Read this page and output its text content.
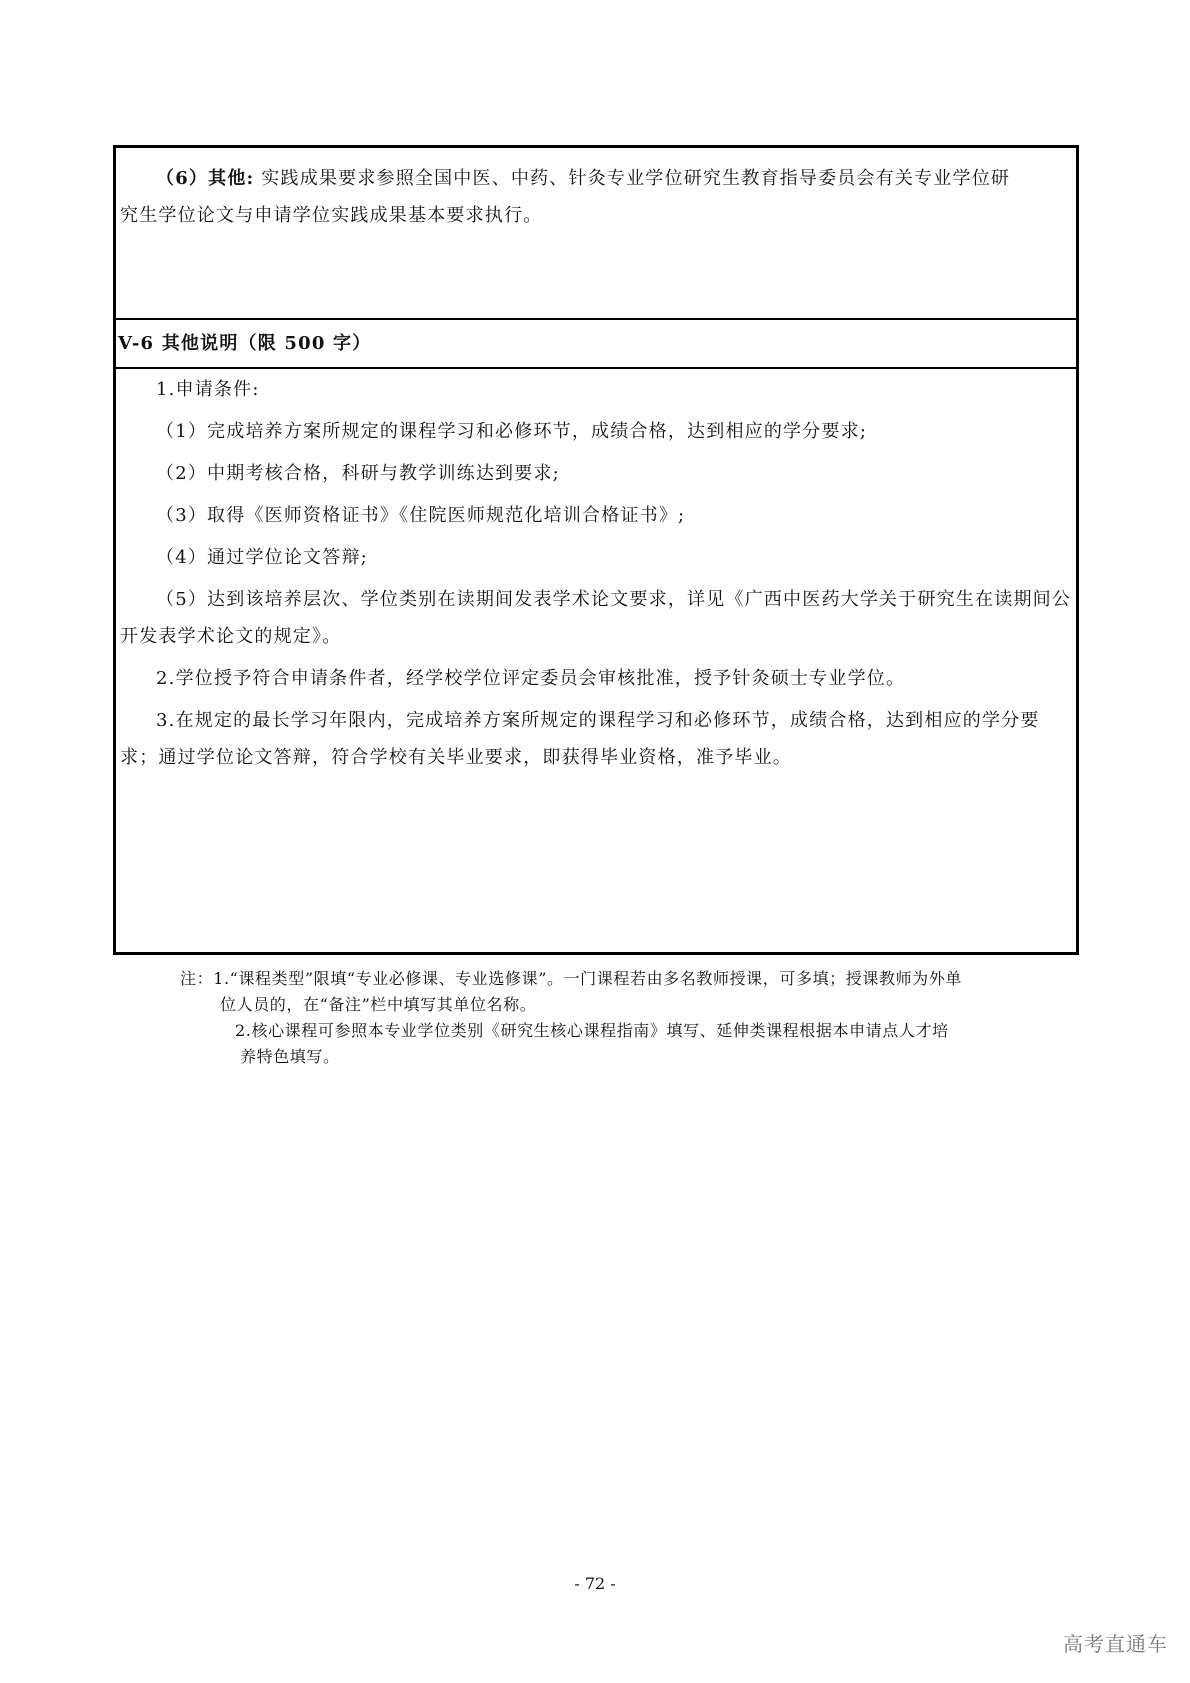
（6）其他: 实践成果要求参照全国中医、中药、针灸专业学位研究生教育指导委员会有关专业学位研

究生学位论文与申请学位实践成果基本要求执行。

V-6 其他说明（限 500 字）

1.申请条件:

（1）完成培养方案所规定的课程学习和必修环节，成绩合格，达到相应的学分要求;

（2）中期考核合格，科研与教学训练达到要求;

（3）取得《医师资格证书》《住院医师规范化培训合格证书》;

（4）通过学位论文答辩;

（5）达到该培养层次、学位类别在读期间发表学术论文要求，详见《广西中医药大学关于研究生在读期间公开发表学术论文的规定》。

2.学位授予符合申请条件者，经学校学位评定委员会审核批准，授予针灸硕士专业学位。

3.在规定的最长学习年限内，完成培养方案所规定的课程学习和必修环节，成绩合格，达到相应的学分要求；通过学位论文答辩，符合学校有关毕业要求，即获得毕业资格，准予毕业。

注：1.“课程类型”限填“专业必修课、专业选修课”。一门课程若由多名教师授课，可多填；授课教师为外单

位人员的，在“备注”栏中填写其单位名称。

2.核心课程可参照本专业学位类别《研究生核心课程指南》填写、延伸类课程根据本申请点人才培

养特色填写。

- 72 -
高考直通车
